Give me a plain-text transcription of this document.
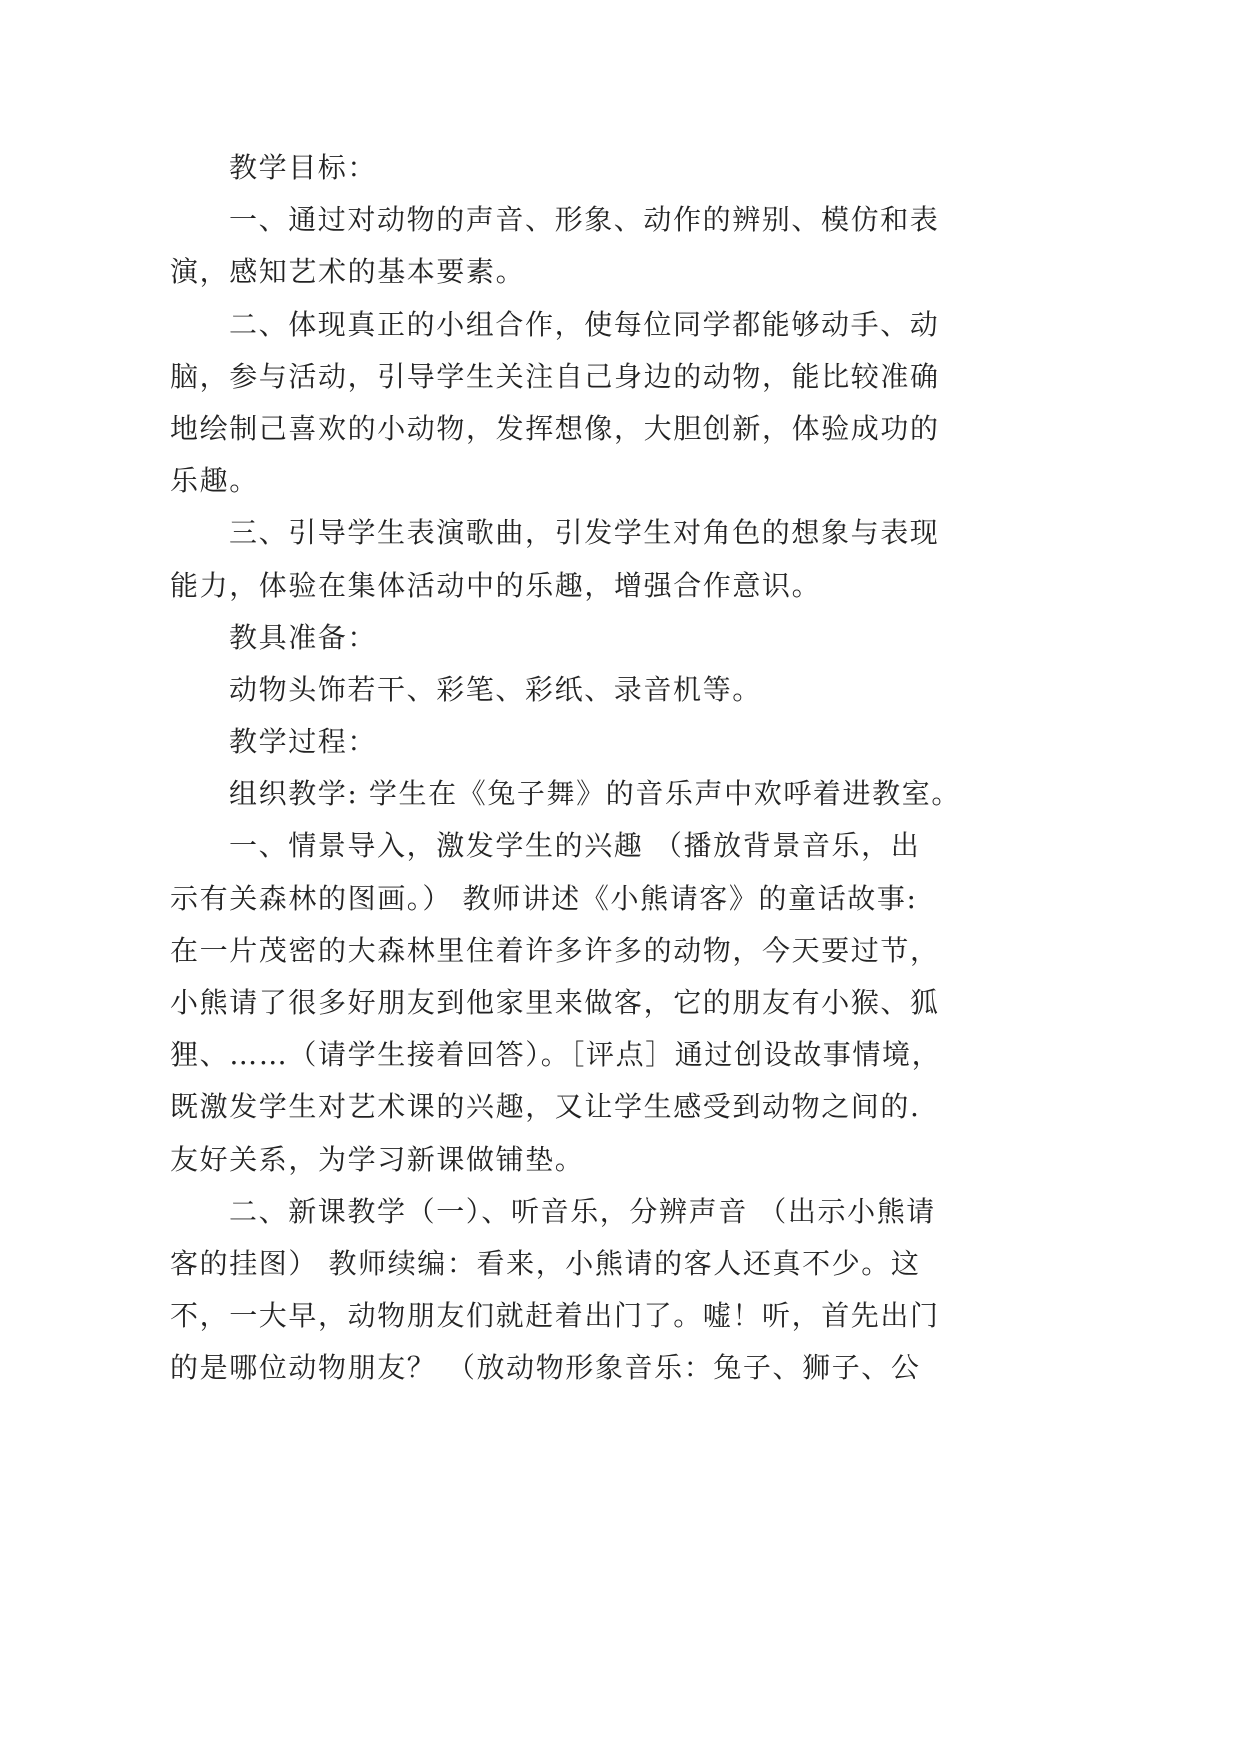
教学目标：
一、通过对动物的声音、形象、动作的辨别、模仿和表
演，感知艺术的基本要素。
二、体现真正的小组合作，使每位同学都能够动手、动
脑，参与活动，引导学生关注自己身边的动物，能比较准确
地绘制己喜欢的小动物，发挥想像，大胆创新，体验成功的
乐趣。
三、引导学生表演歌曲，引发学生对角色的想象与表现
能力，体验在集体活动中的乐趣，增强合作意识。
教具准备：
动物头饰若干、彩笔、彩纸、录音机等。
教学过程：
组织教学: 学生在《兔子舞》的音乐声中欢呼着进教室。
一、情景导入，激发学生的兴趣 （播放背景音乐，出
示有关森林的图画。） 教师讲述《小熊请客》的童话故事:
在一片茂密的大森林里住着许多许多的动物，今天要过节，
小熊请了很多好朋友到他家里来做客，它的朋友有小猴、狐
狸、……（请学生接着回答）。［评点］通过创设故事情境，
既激发学生对艺术课的兴趣，又让学生感受到动物之间的.
友好关系，为学习新课做铺垫。
二、新课教学（一）、听音乐，分辨声音 （出示小熊请
客的挂图） 教师续编：看来，小熊请的客人还真不少。这
不，一大早，动物朋友们就赶着出门了。嘘！听，首先出门
的是哪位动物朋友？ （放动物形象音乐：兔子、狮子、公
